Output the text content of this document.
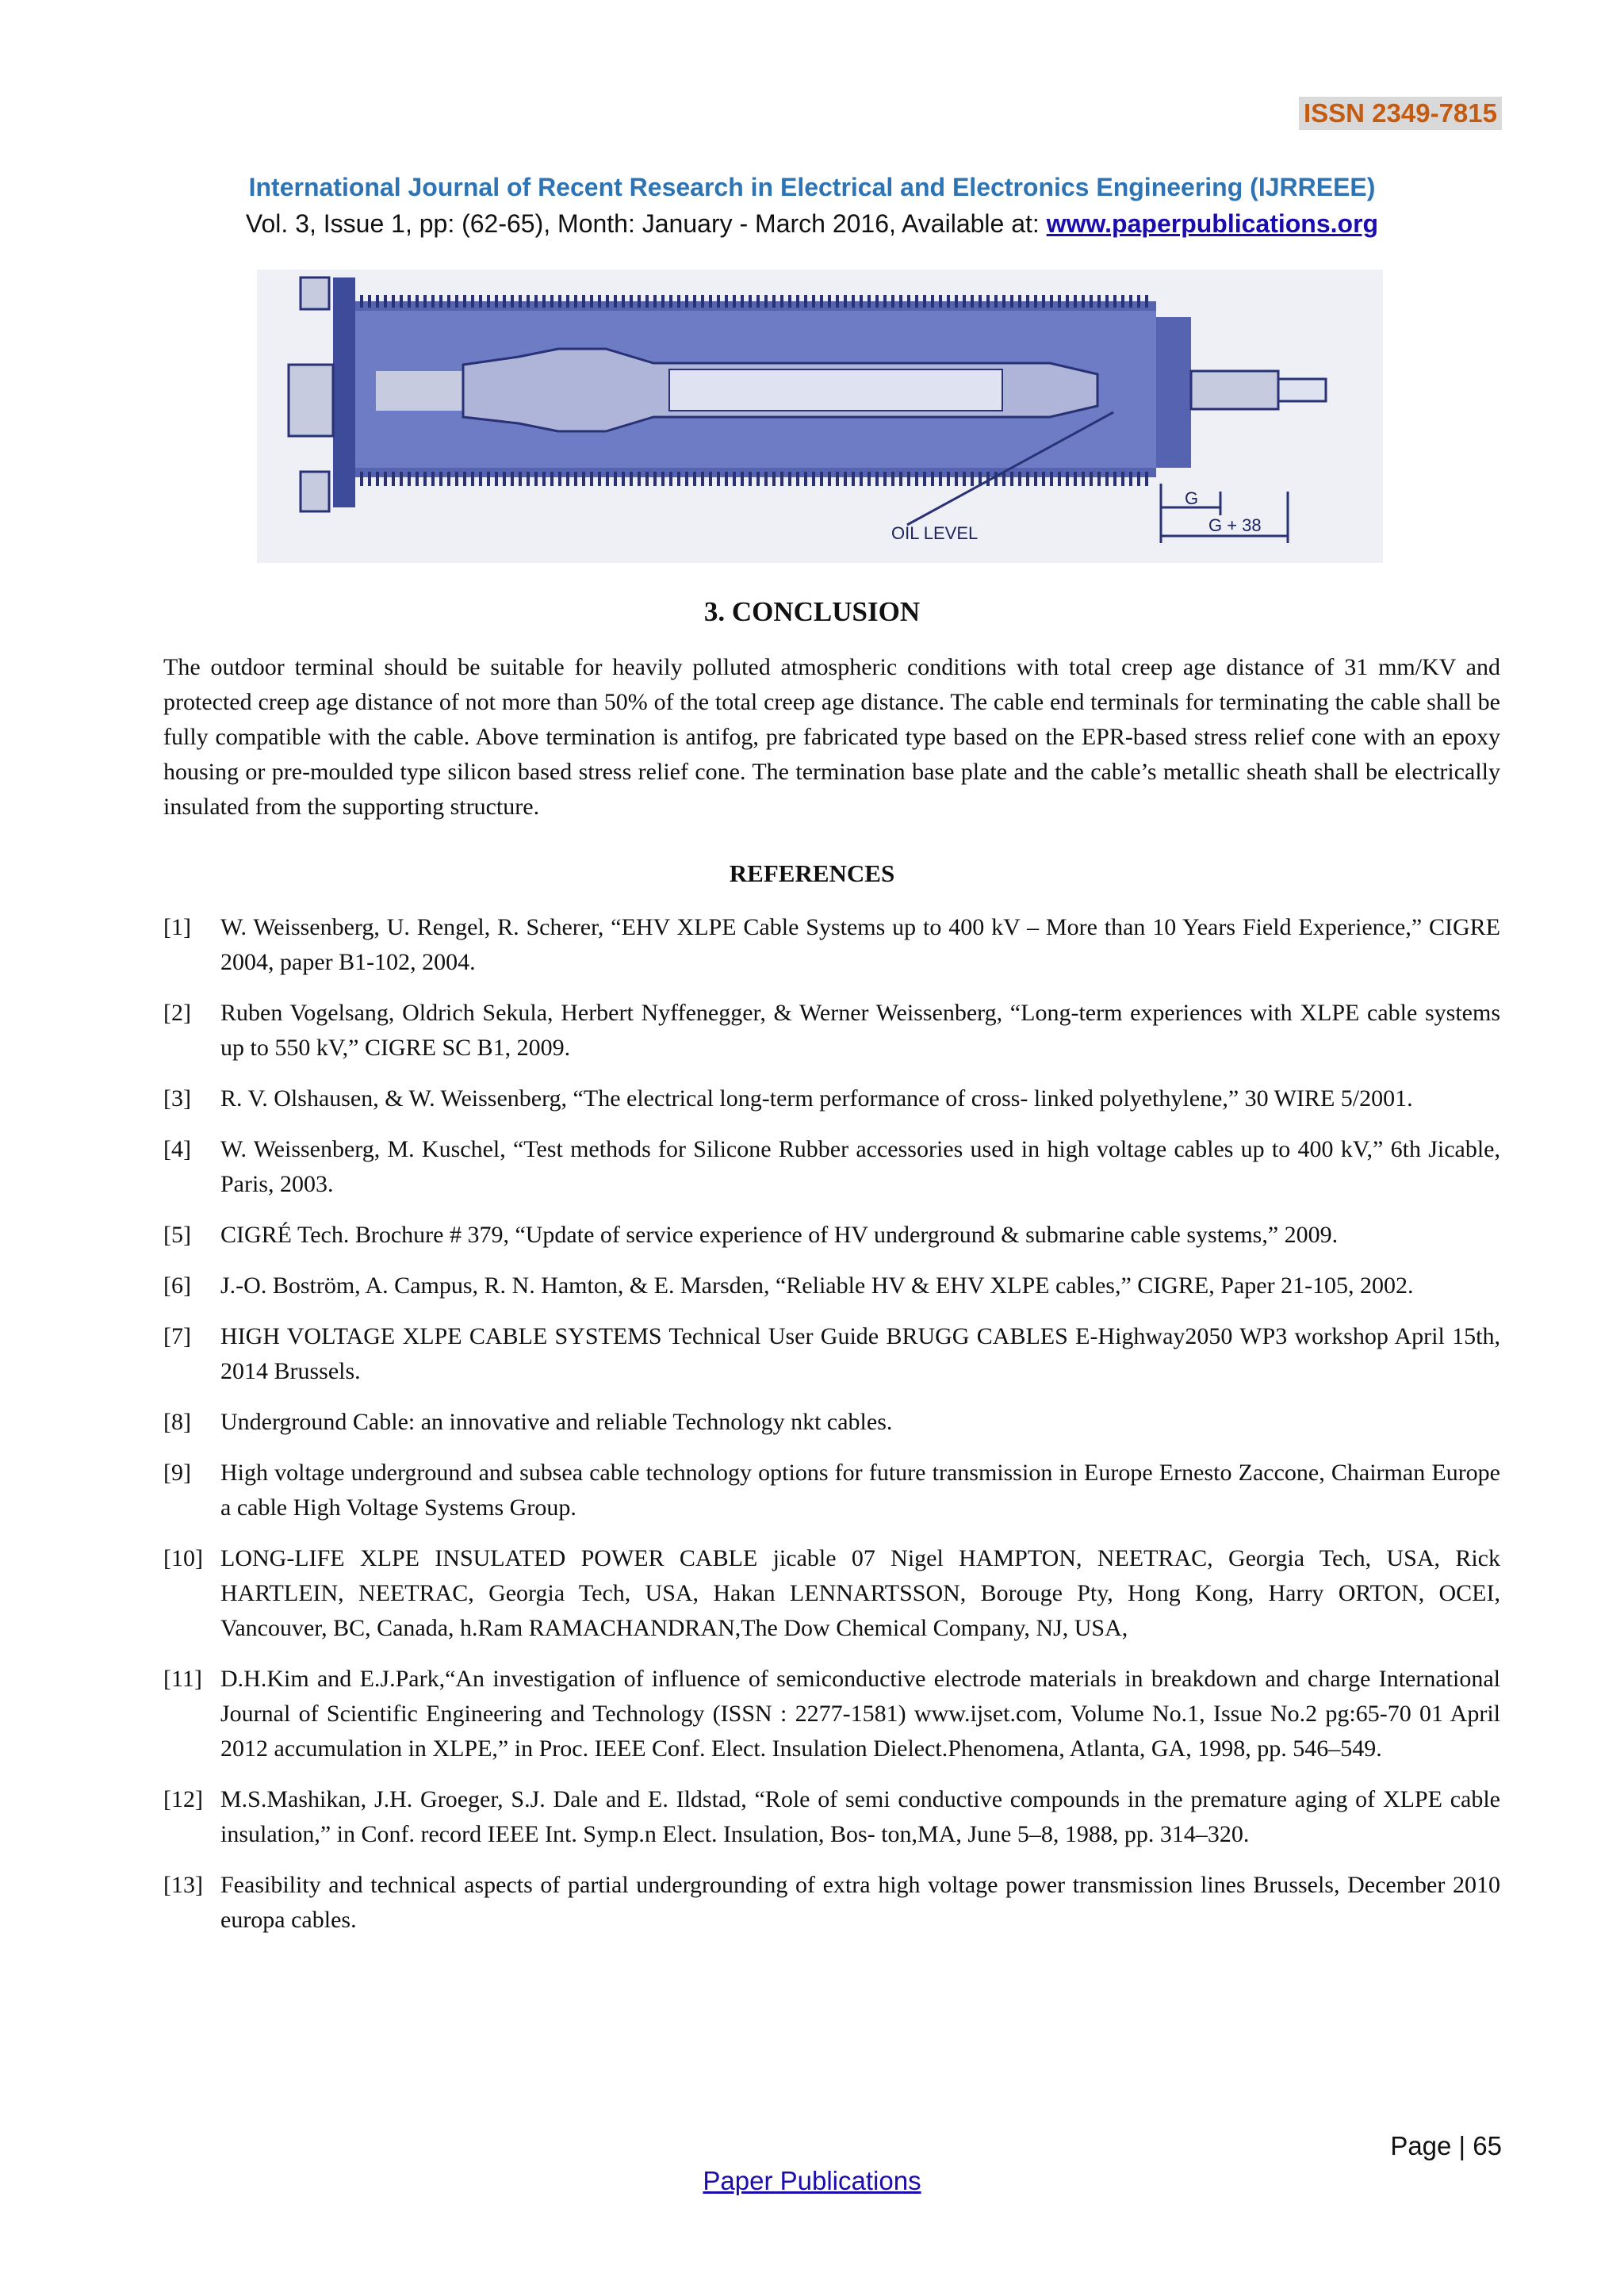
ISSN 2349-7815
International Journal of Recent Research in Electrical and Electronics Engineering (IJRREEE)
Vol. 3, Issue 1, pp: (62-65), Month: January - March 2016, Available at: www.paperpublications.org
OIL LEVEL
G
G + 38
3. CONCLUSION
The outdoor terminal should be suitable for heavily polluted atmospheric conditions with total creep age distance of 31 mm/KV and protected creep age distance of not more than 50% of the total creep age distance. The cable end terminals for terminating the cable shall be fully compatible with the cable. Above termination is antifog, pre fabricated type based on the EPR-based stress relief cone with an epoxy housing or pre-moulded type silicon based stress relief cone. The termination base plate and the cable’s metallic sheath shall be electrically insulated from the supporting structure.
REFERENCES
[1]	W. Weissenberg, U. Rengel, R. Scherer, “EHV XLPE Cable Systems up to 400 kV – More than 10 Years Field Experience,” CIGRE 2004, paper B1-102, 2004.
[2]	Ruben Vogelsang, Oldrich Sekula, Herbert Nyffenegger, & Werner Weissenberg, “Long-term experiences with XLPE cable systems up to 550 kV,” CIGRE SC B1, 2009.
[3]	R. V. Olshausen, & W. Weissenberg, “The electrical long-term performance of cross- linked polyethylene,” 30 WIRE 5/2001.
[4]	W. Weissenberg, M. Kuschel, “Test methods for Silicone Rubber accessories used in high voltage cables up to 400 kV,” 6th Jicable, Paris, 2003.
[5]	CIGRÉ Tech. Brochure # 379, “Update of service experience of HV underground & submarine cable systems,” 2009.
[6]	J.-O. Boström, A. Campus, R. N. Hamton, & E. Marsden, “Reliable HV & EHV XLPE cables,” CIGRE, Paper 21-105, 2002.
[7]	HIGH VOLTAGE XLPE CABLE SYSTEMS Technical User Guide BRUGG CABLES E-Highway2050 WP3 workshop April 15th, 2014 Brussels.
[8]	Underground Cable: an innovative and reliable Technology nkt cables.
[9]	High voltage underground and subsea cable technology options for future transmission in Europe Ernesto Zaccone, Chairman Europe a cable High Voltage Systems Group.
[10] LONG-LIFE XLPE INSULATED POWER CABLE jicable 07 Nigel HAMPTON, NEETRAC, Georgia Tech, USA, Rick HARTLEIN, NEETRAC, Georgia Tech, USA, Hakan LENNARTSSON, Borouge Pty, Hong Kong, Harry ORTON, OCEI, Vancouver, BC, Canada, h.Ram RAMACHANDRAN,The Dow Chemical Company, NJ, USA,
[11] D.H.Kim and E.J.Park,“An investigation of influence of semiconductive electrode materials in breakdown and charge International Journal of Scientific Engineering and Technology (ISSN : 2277-1581) www.ijset.com, Volume No.1, Issue No.2 pg:65-70 01 April 2012 accumulation in XLPE,” in Proc. IEEE Conf. Elect. Insulation Dielect.Phenomena, Atlanta, GA, 1998, pp. 546–549.
[12] M.S.Mashikan, J.H. Groeger, S.J. Dale and E. Ildstad, “Role of semi conductive compounds in the premature aging of XLPE cable insulation,” in Conf. record IEEE Int. Symp.n Elect. Insulation, Bos- ton,MA, June 5–8, 1988, pp. 314–320.
[13] Feasibility and technical aspects of partial undergrounding of extra high voltage power transmission lines Brussels, December 2010 europa cables.
Page | 65
Paper Publications
